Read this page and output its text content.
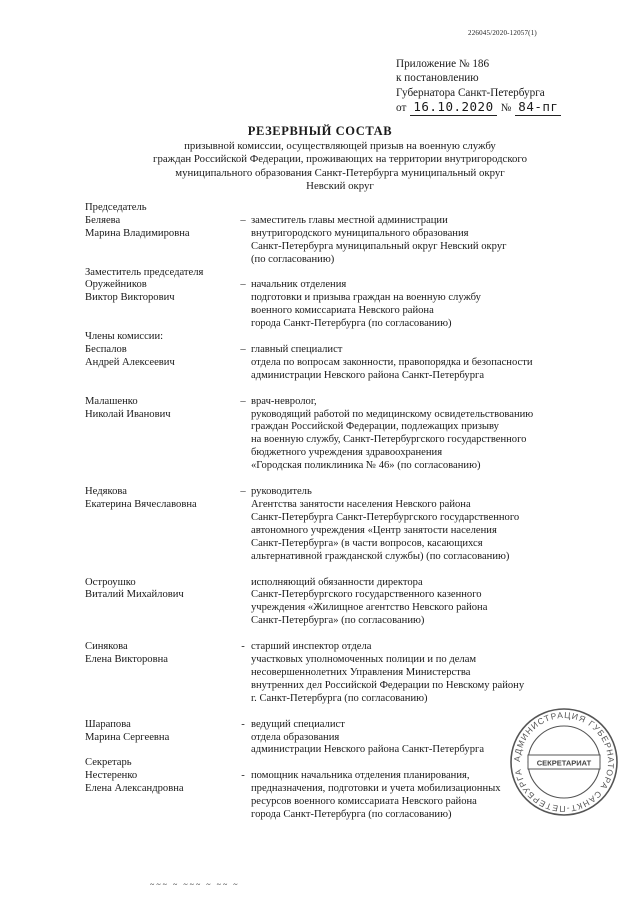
226045/2020-12057(1)
Приложение № 186
к постановлению
Губернатора Санкт-Петербурга
от 16.10.2020 № 84-пг
РЕЗЕРВНЫЙ СОСТАВ
призывной комиссии, осуществляющей призыв на военную службу
граждан Российской Федерации, проживающих на территории внутригородского
муниципального образования Санкт-Петербурга муниципальный округ
Невский округ
Председатель
Беляева
Марина Владимировна
– заместитель главы местной администрации
внутригородского муниципального образования
Санкт-Петербурга муниципальный округ Невский округ
(по согласованию)
Заместитель председателя
Оружейников
Виктор Викторович
– начальник отделения
подготовки и призыва граждан на военную службу
военного комиссариата Невского района
города Санкт-Петербурга (по согласованию)
Члены комиссии:
Беспалов
Андрей Алексеевич
– главный специалист
отдела по вопросам законности, правопорядка и безопасности
администрации Невского района Санкт-Петербурга
Малашенко
Николай Иванович
– врач-невролог,
руководящий работой по медицинскому освидетельствованию
граждан Российской Федерации, подлежащих призыву
на военную службу, Санкт-Петербургского государственного
бюджетного учреждения здравоохранения
«Городская поликлиника № 46» (по согласованию)
Недякова
Екатерина Вячеславовна
– руководитель
Агентства занятости населения Невского района
Санкт-Петербурга Санкт-Петербургского государственного
автономного учреждения «Центр занятости населения
Санкт-Петербурга» (в части вопросов, касающихся
альтернативной гражданской службы) (по согласованию)
Остроушко
Виталий Михайлович
исполняющий обязанности директора
Санкт-Петербургского государственного казенного
учреждения «Жилищное агентство Невского района
Санкт-Петербурга» (по согласованию)
Синякова
Елена Викторовна
- старший инспектор отдела
участковых уполномоченных полиции и по делам
несовершеннолетних Управления Министерства
внутренних дел Российской Федерации по Невскому району
г. Санкт-Петербурга (по согласованию)
Шарапова
Марина Сергеевна
- ведущий специалист
отдела образования
администрации Невского района Санкт-Петербурга
Секретарь
Нестеренко
Елена Александровна
- помощник начальника отделения планирования,
предназначения, подготовки и учета мобилизационных
ресурсов военного комиссариата Невского района
города Санкт-Петербурга (по согласованию)
АДМИНИСТРАЦИЯ ГУБЕРНАТОРА САНКТ-ПЕТЕРБУРГА
СЕКРЕТАРИАТ
~~~ ~ ~~~ ~ ~~ ~
